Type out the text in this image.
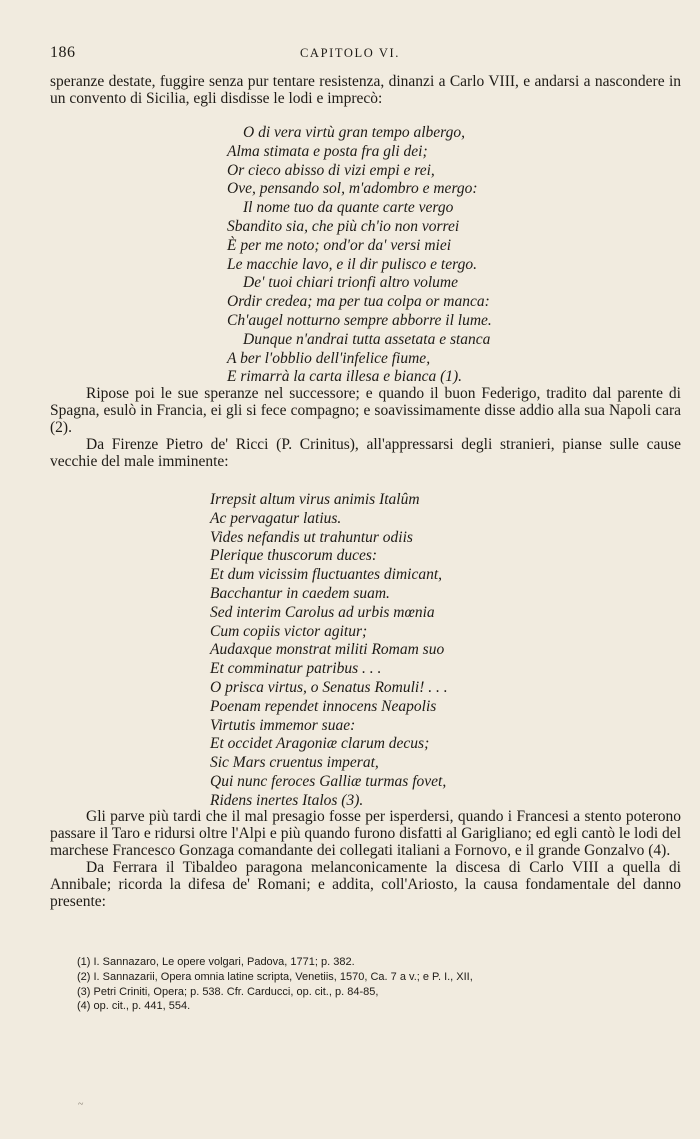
186	CAPITOLO VI.

speranze destate, fuggire senza pur tentare resistenza, dinanzi a Carlo VIII, e andarsi a nascondere in un convento di Sicilia, egli disdisse le lodi e imprecò:

O di vera virtù gran tempo albergo,
Alma stimata e posta fra gli dei;
Or cieco abisso di vizi empi e rei,
Ove, pensando sol, m'adombro e mergo:
Il nome tuo da quante carte vergo
Sbandito sia, che più ch'io non vorrei
È per me noto; ond'or da' versi miei
Le macchie lavo, e il dir pulisco e tergo.
De' tuoi chiari trionfi altro volume
Ordir credea; ma per tua colpa or manca:
Ch'augel notturno sempre abborre il lume.
Dunque n'andrai tutta assetata e stanca
A ber l'obblio dell'infelice fiume,
E rimarrà la carta illesa e bianca (1).

Ripose poi le sue speranze nel successore; e quando il buon Federigo, tradito dal parente di Spagna, esulò in Francia, ei gli si fece compagno; e soavissimamente disse addio alla sua Napoli cara (2).

Da Firenze Pietro de' Ricci (P. Crinitus), all'appressarsi degli stranieri, pianse sulle cause vecchie del male imminente:

Irrepsit altum virus animis Italûm
Ac pervagatur latius.
Vides nefandis ut trahuntur odiis
Plerique thuscorum duces:
Et dum vicissim fluctuantes dimicant,
Bacchantur in caedem suam.
Sed interim Carolus ad urbis mœnia
Cum copiis victor agitur;
Audaxque monstrat militi Romam suo
Et comminatur patribus . . .
O prisca virtus, o Senatus Romuli! . . .
Poenam rependet innocens Neapolis
Virtutis immemor suae:
Et occidet Aragoniæ clarum decus;
Sic Mars cruentus imperat,
Qui nunc feroces Galliæ turmas fovet,
Ridens inertes Italos (3).

Gli parve più tardi che il mal presagio fosse per isperdersi, quando i Francesi a stento poterono passare il Taro e ridursi oltre l'Alpi e più quando furono disfatti al Garigliano; ed egli cantò le lodi del marchese Francesco Gonzaga comandante dei collegati italiani a Fornovo, e il grande Gonzalvo (4).

Da Ferrara il Tibaldeo paragona melanconicamente la discesa di Carlo VIII a quella di Annibale; ricorda la difesa de' Romani; e addita, coll'Ariosto, la causa fondamentale del danno presente:

(1) I. Sannazaro, Le opere volgari, Padova, 1771; p. 382.
(2) I. Sannazarii, Opera omnia latine scripta, Venetiis, 1570, Ca. 7 a v.; e P. I., XII,
(3) Petri Criniti, Opera; p. 538. Cfr. Carducci, op. cit., p. 84-85,
(4) op. cit., p. 441, 554.
~
